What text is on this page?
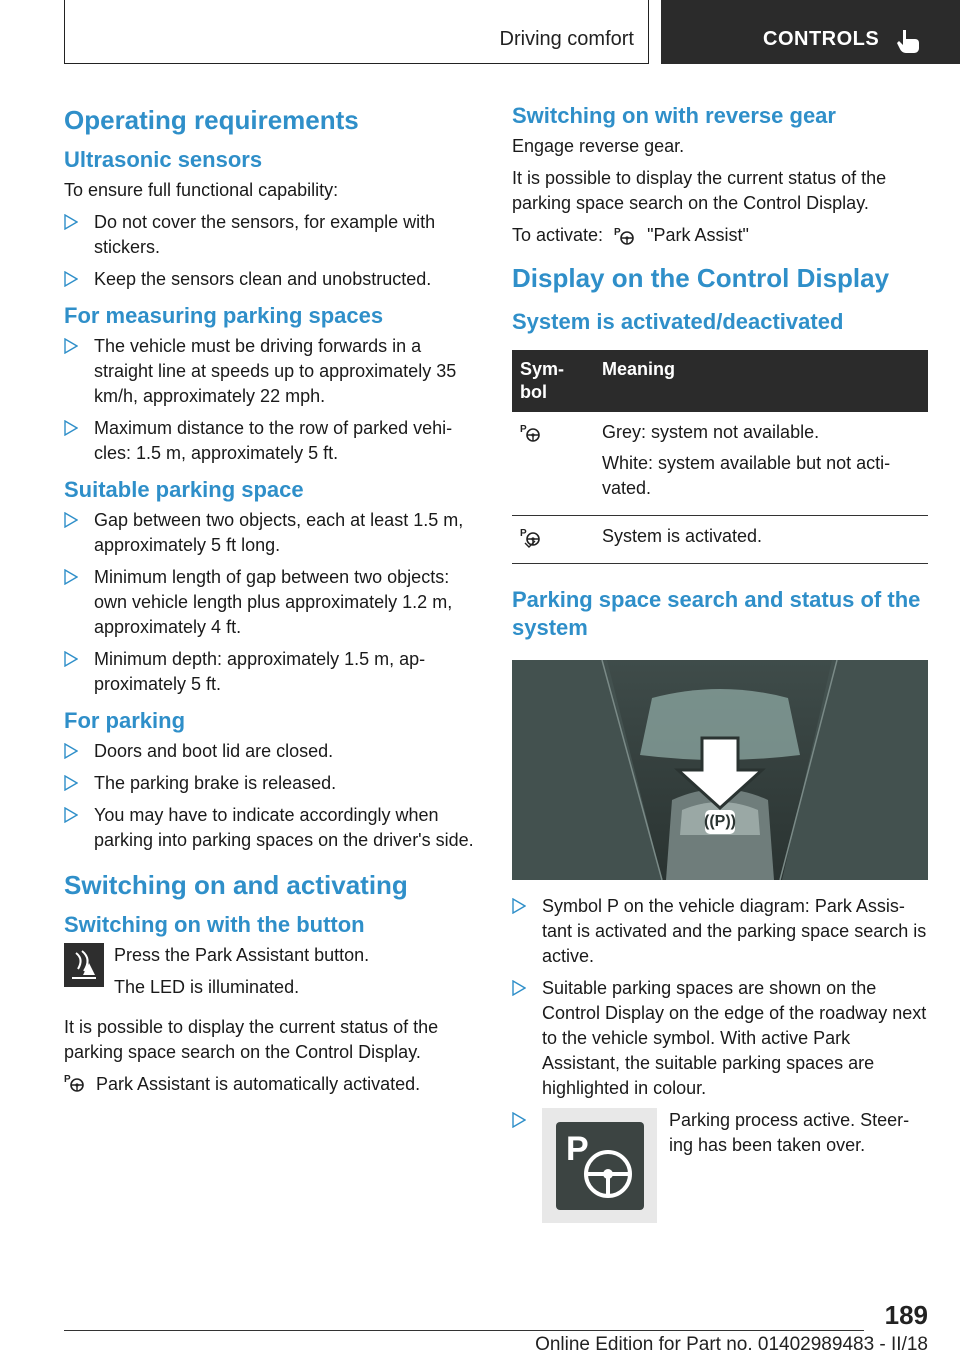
Driving comfort	CONTROLS
Operating requirements
Ultrasonic sensors

To ensure full functional capability:

Do not cover the sensors, for example with stickers.
Keep the sensors clean and unobstructed.
For measuring parking spaces
The vehicle must be driving forwards in a straight line at speeds up to approximately 35 km/h, approximately 22 mph.
Maximum distance to the row of parked vehi-cles: 1.5 m, approximately 5 ft.
Suitable parking space
Gap between two objects, each at least 1.5 m, approximately 5 ft long.
Minimum length of gap between two objects: own vehicle length plus approximately 1.2 m, approximately 4 ft.
Minimum depth: approximately 1.5 m, ap-proximately 5 ft.
For parking
Doors and boot lid are closed.
The parking brake is released.
You may have to indicate accordingly when parking into parking spaces on the driver's side.
Switching on and activating
Switching on with the button

Press the Park Assistant button.

The LED is illuminated.

It is possible to display the current status of the parking space search on the Control Display.

P Park Assistant is automatically activated.

Switching on with reverse gear

Engage reverse gear.

It is possible to display the current status of the parking space search on the Control Display.

To activate: P "Park Assist"

Display on the Control Display
System is activated/deactivated
Sym-bol	Meaning

P	Grey: system not available.

White: system available but not acti-vated.

P	System is activated.

Parking space search and status of the system
((P))
Symbol P on the vehicle diagram: Park Assis-tant is activated and the parking space search is active.
Suitable parking spaces are shown on the Control Display on the edge of the roadway next to the vehicle symbol. With active Park Assistant, the suitable parking spaces are highlighted in colour.
P
Parking process active. Steer-ing has been taken over.
189
Online Edition for Part no. 01402989483 - II/18
